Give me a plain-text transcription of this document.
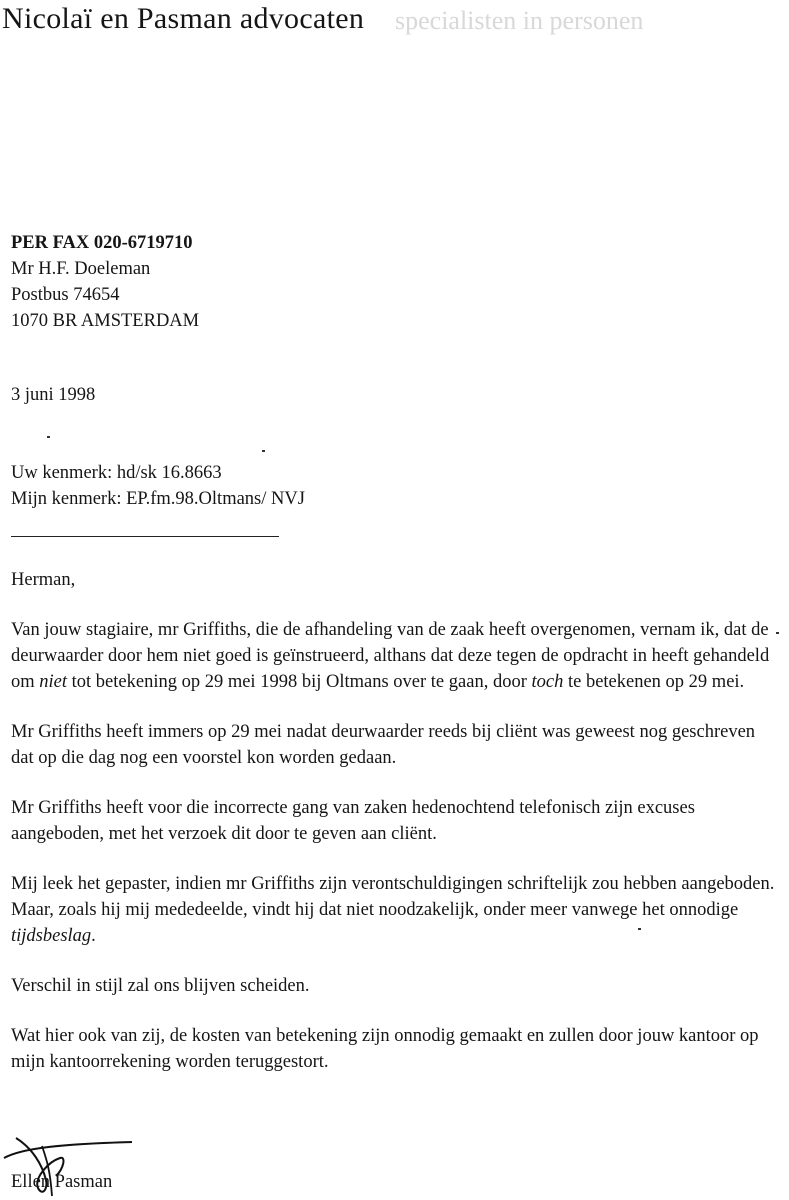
Nicolaï en Pasman advocaten specialisten in personen
PER FAX 020-6719710
Mr H.F. Doeleman
Postbus 74654
1070 BR AMSTERDAM
3 juni 1998
Uw kenmerk: hd/sk 16.8663
Mijn kenmerk: EP.fm.98.Oltmans/ NVJ
Herman,

Van jouw stagiaire, mr Griffiths, die de afhandeling van de zaak heeft overgenomen, vernam ik, dat de deurwaarder door hem niet goed is geïnstrueerd, althans dat deze tegen de opdracht in heeft gehandeld om niet tot betekening op 29 mei 1998 bij Oltmans over te gaan, door toch te betekenen op 29 mei.

Mr Griffiths heeft immers op 29 mei nadat deurwaarder reeds bij cliënt was geweest nog geschreven dat op die dag nog een voorstel kon worden gedaan.

Mr Griffiths heeft voor die incorrecte gang van zaken hedenochtend telefonisch zijn excuses aangeboden, met het verzoek dit door te geven aan cliënt.

Mij leek het gepaster, indien mr Griffiths zijn verontschuldigingen schriftelijk zou hebben aangeboden.

Maar, zoals hij mij mededeelde, vindt hij dat niet noodzakelijk, onder meer vanwege het onnodige tijdsbeslag.

Verschil in stijl zal ons blijven scheiden.

Wat hier ook van zij, de kosten van betekening zijn onnodig gemaakt en zullen door jouw kantoor op mijn kantoorrekening worden teruggestort.

Ellen Pasman
